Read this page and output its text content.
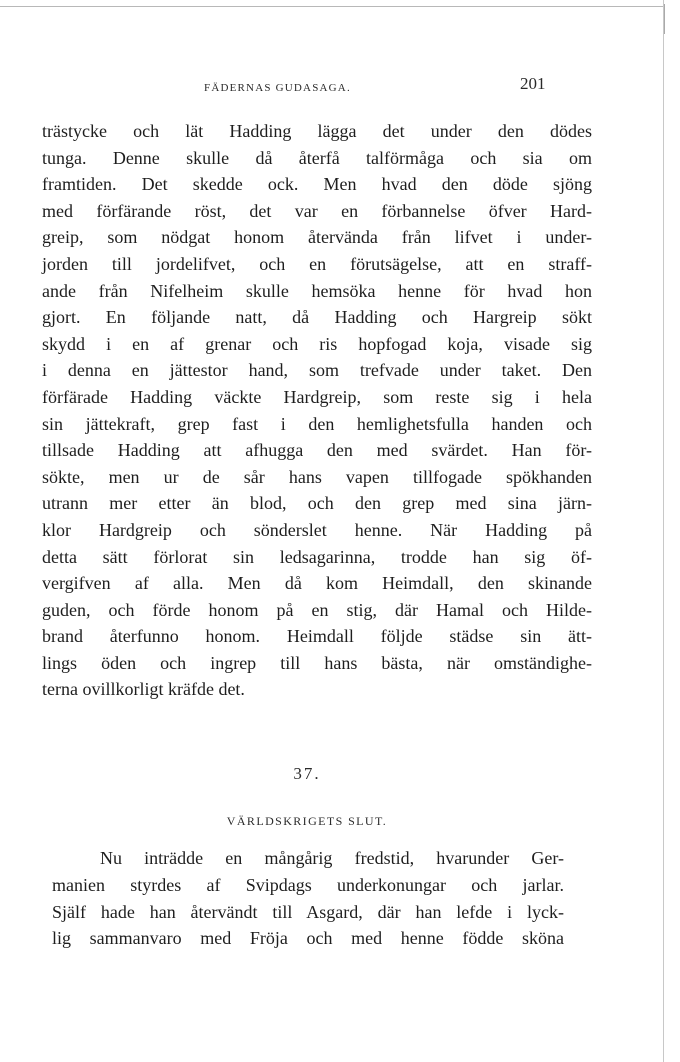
FÄDERNAS GUDASAGA.	201
trästycke och lät Hadding lägga det under den dödes
tunga. Denne skulle då återfå talförmåga och sia om
framtiden. Det skedde ock. Men hvad den döde sjöng
med förfärande röst, det var en förbannelse öfver Hard-
greip, som nödgat honom återvända från lifvet i under-
jorden till jordelifvet, och en förutsägelse, att en straff-
ande från Nifelheim skulle hemsöka henne för hvad hon
gjort. En följande natt, då Hadding och Hargreip sökt
skydd i en af grenar och ris hopfogad koja, visade sig
i denna en jättestor hand, som trefvade under taket. Den
förfärade Hadding väckte Hardgreip, som reste sig i hela
sin jättekraft, grep fast i den hemlighetsfulla handen och
tillsade Hadding att afhugga den med svärdet. Han för-
sökte, men ur de sår hans vapen tillfogade spökhanden
utrann mer etter än blod, och den grep med sina järn-
klor Hardgreip och sönderslet henne. När Hadding på
detta sätt förlorat sin ledsagarinna, trodde han sig öf-
vergifven af alla. Men då kom Heimdall, den skinande
guden, och förde honom på en stig, där Hamal och Hilde-
brand återfunno honom. Heimdall följde städse sin ätt-
lings öden och ingrep till hans bästa, när omständighe-
terna ovillkorligt kräfde det.
37.
VÄRLDSKRIGETS SLUT.
Nu inträdde en mångårig fredstid, hvarunder Ger-
manien styrdes af Svipdags underkonungar och jarlar.
Själf hade han återvändt till Asgard, där han lefde i lyck-
lig sammanvaro med Fröja och med henne födde sköna
